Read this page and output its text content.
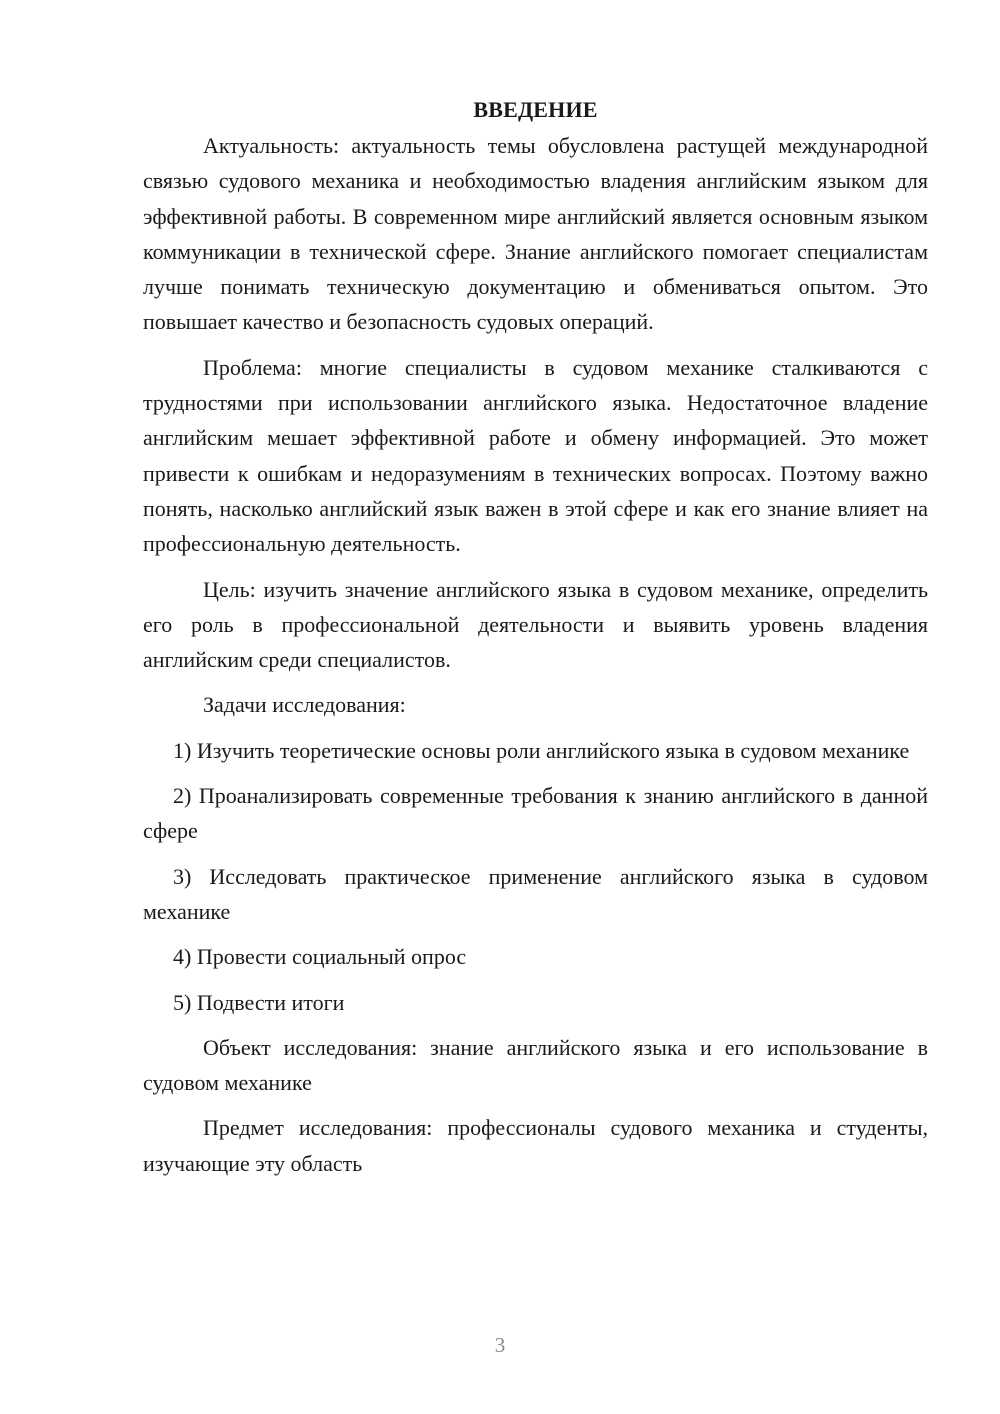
ВВЕДЕНИЕ

Актуальность: актуальность темы обусловлена растущей международной связью судового механика и необходимостью владения английским языком для эффективной работы. В современном мире английский является основным языком коммуникации в технической сфере. Знание английского помогает специалистам лучше понимать техническую документацию и обмениваться опытом. Это повышает качество и безопасность судовых операций.

Проблема: многие специалисты в судовом механике сталкиваются с трудностями при использовании английского языка. Недостаточное владение английским мешает эффективной работе и обмену информацией. Это может привести к ошибкам и недоразумениям в технических вопросах. Поэтому важно понять, насколько английский язык важен в этой сфере и как его знание влияет на профессиональную деятельность.

Цель: изучить значение английского языка в судовом механике, определить его роль в профессиональной деятельности и выявить уровень владения английским среди специалистов.

Задачи исследования:

1) Изучить теоретические основы роли английского языка в судовом механике

2) Проанализировать современные требования к знанию английского в данной сфере

3) Исследовать практическое применение английского языка в судовом механике

4) Провести социальный опрос

5) Подвести итоги

Объект исследования: знание английского языка и его использование в судовом механике

Предмет исследования: профессионалы судового механика и студенты, изучающие эту область

3
